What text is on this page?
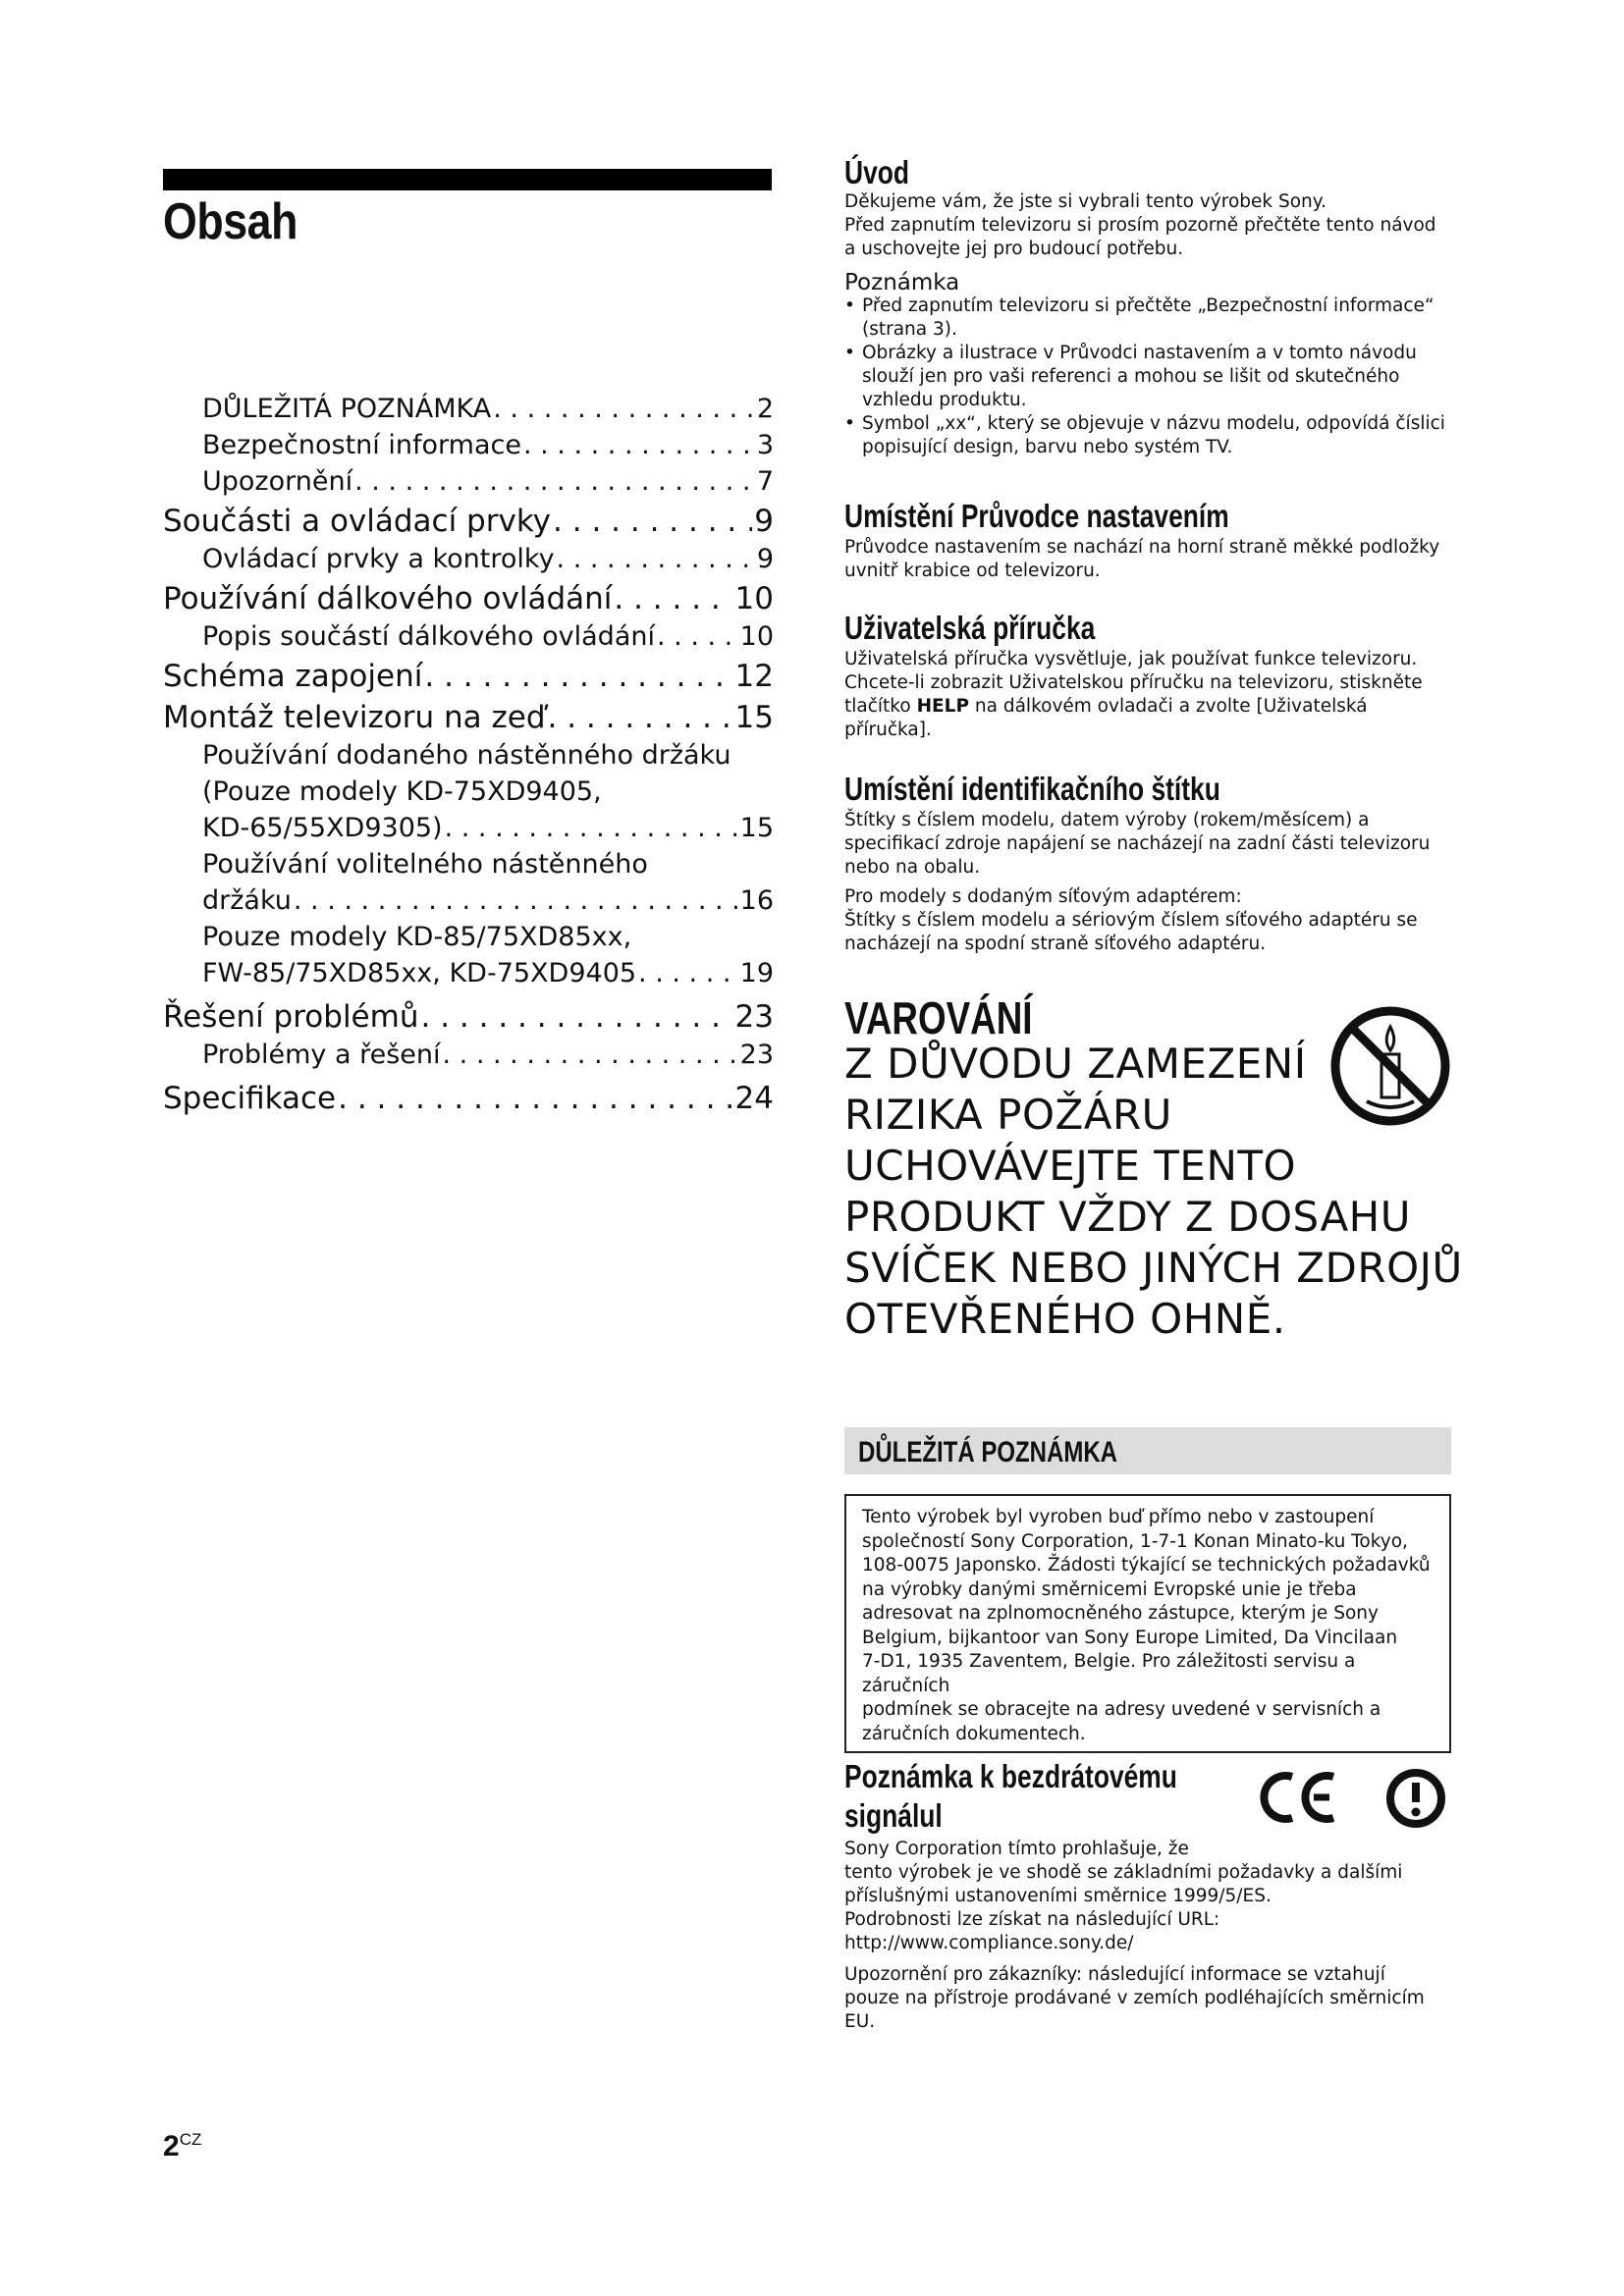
Obsah
DŮLEŽITÁ POZNÁMKA . . .	2
Bezpečnostní informace . . .	3
Upozornění . . .	7
Součásti a ovládací prvky . . .	9
Ovládací prvky a kontrolky . . .	9
Používání dálkového ovládání . . .	10
Popis součástí dálkového ovládání . . .	10
Schéma zapojení . . .	12
Montáž televizoru na zeď . . .	15
Používání dodaného nástěnného držáku
(Pouze modely KD-75XD9405,
KD-65/55XD9305) . . .	15
Používání volitelného nástěnného
držáku . . .	16
Pouze modely KD-85/75XD85xx,
FW-85/75XD85xx, KD-75XD9405 . . .	19
Řešení problémů . . .	23
Problémy a řešení . . .	23
Specifikace . . .	24
Úvod
Děkujeme vám, že jste si vybrali tento výrobek Sony.
Před zapnutím televizoru si prosím pozorně přečtěte tento návod
a uschovejte jej pro budoucí potřebu.
Poznámka
• Před zapnutím televizoru si přečtěte „Bezpečnostní informace“
(strana 3).
• Obrázky a ilustrace v Průvodci nastavením a v tomto návodu
slouží jen pro vaši referenci a mohou se lišit od skutečného
vzhledu produktu.
• Symbol „xx“, který se objevuje v názvu modelu, odpovídá číslici
popisující design, barvu nebo systém TV.
Umístění Průvodce nastavením
Průvodce nastavením se nachází na horní straně měkké podložky
uvnitř krabice od televizoru.
Uživatelská příručka
Uživatelská příručka vysvětluje, jak používat funkce televizoru.
Chcete-li zobrazit Uživatelskou příručku na televizoru, stiskněte
tlačítko HELP na dálkovém ovladači a zvolte [Uživatelská
příručka].
Umístění identifikačního štítku
Štítky s číslem modelu, datem výroby (rokem/měsícem) a
specifikací zdroje napájení se nacházejí na zadní části televizoru
nebo na obalu.
Pro modely s dodaným síťovým adaptérem:
Štítky s číslem modelu a sériovým číslem síťového adaptéru se
nacházejí na spodní straně síťového adaptéru.
VAROVÁNÍ
Z DŮVODU ZAMEZENÍ
RIZIKA POŽÁRU
UCHOVÁVEJTE TENTO
PRODUKT VŽDY Z DOSAHU
SVÍČEK NEBO JINÝCH ZDROJŮ
OTEVŘENÉHO OHNĚ.
DŮLEŽITÁ POZNÁMKA
Tento výrobek byl vyroben buď přímo nebo v zastoupení
společností Sony Corporation, 1-7-1 Konan Minato-ku Tokyo,
108-0075 Japonsko. Žádosti týkající se technických požadavků
na výrobky danými směrnicemi Evropské unie je třeba
adresovat na zplnomocněného zástupce, kterým je Sony
Belgium, bijkantoor van Sony Europe Limited, Da Vincilaan
7-D1, 1935 Zaventem, Belgie. Pro záležitosti servisu a záručních
podmínek se obracejte na adresy uvedené v servisních a
záručních dokumentech.
Poznámka k bezdrátovému
signálul
Sony Corporation tímto prohlašuje, že
tento výrobek je ve shodě se základními požadavky a dalšími
příslušnými ustanoveními směrnice 1999/5/ES.
Podrobnosti lze získat na následující URL:
http://www.compliance.sony.de/
Upozornění pro zákazníky: následující informace se vztahují
pouze na přístroje prodávané v zemích podléhajících směrnicím
EU.
$2^{CZ}$
